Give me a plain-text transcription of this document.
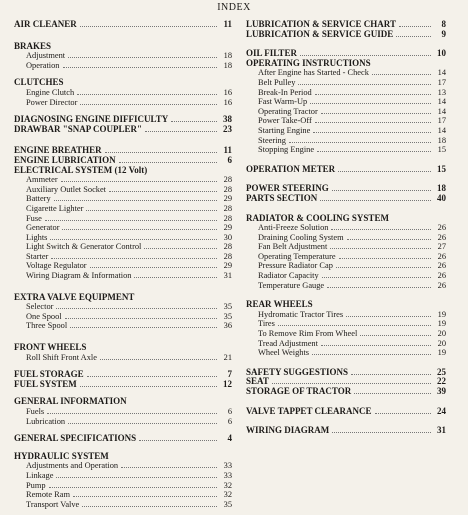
INDEX
AIR CLEANER	11
BRAKES
Adjustment	18
Operation	18
CLUTCHES
Engine Clutch	16
Power Director	16
DIAGNOSING ENGINE DIFFICULTY	38
DRAWBAR "SNAP COUPLER"	23
ENGINE BREATHER	11
ENGINE LUBRICATION	6
ELECTRICAL SYSTEM (12 Volt)
Ammeter	28
Auxiliary Outlet Socket	28
Battery	29
Cigarette Lighter	28
Fuse	28
Generator	29
Lights	30
Light Switch & Generator Control	28
Starter	28
Voltage Regulator	29
Wiring Diagram & Information	31
EXTRA VALVE EQUIPMENT
Selector	35
One Spool	35
Three Spool	36
FRONT WHEELS
Roll Shift Front Axle	21
FUEL STORAGE	7
FUEL SYSTEM	12
GENERAL INFORMATION
Fuels	6
Lubrication	6
GENERAL SPECIFICATIONS	4
HYDRAULIC SYSTEM
Adjustments and Operation	33
Linkage	33
Pump	32
Remote Ram	32
Transport Valve	35
LUBRICATION & SERVICE CHART	8
LUBRICATION & SERVICE GUIDE	9
OIL FILTER	10
OPERATING INSTRUCTIONS
After Engine has Started - Check	14
Belt Pulley	17
Break-In Period	13
Fast Warm-Up	14
Operating Tractor	14
Power Take-Off	17
Starting Engine	14
Steering	18
Stopping Engine	15
OPERATION METER	15
POWER STEERING	18
PARTS SECTION	40
RADIATOR & COOLING SYSTEM
Anti-Freeze Solution	26
Draining Cooling System	26
Fan Belt Adjustment	27
Operating Temperature	26
Pressure Radiator Cap	26
Radiator Capacity	26
Temperature Gauge	26
REAR WHEELS
Hydromatic Tractor Tires	19
Tires	19
To Remove Rim From Wheel	20
Tread Adjustment	20
Wheel Weights	19
SAFETY SUGGESTIONS	25
SEAT	22
STORAGE OF TRACTOR	39
VALVE TAPPET CLEARANCE	24
WIRING DIAGRAM	31
